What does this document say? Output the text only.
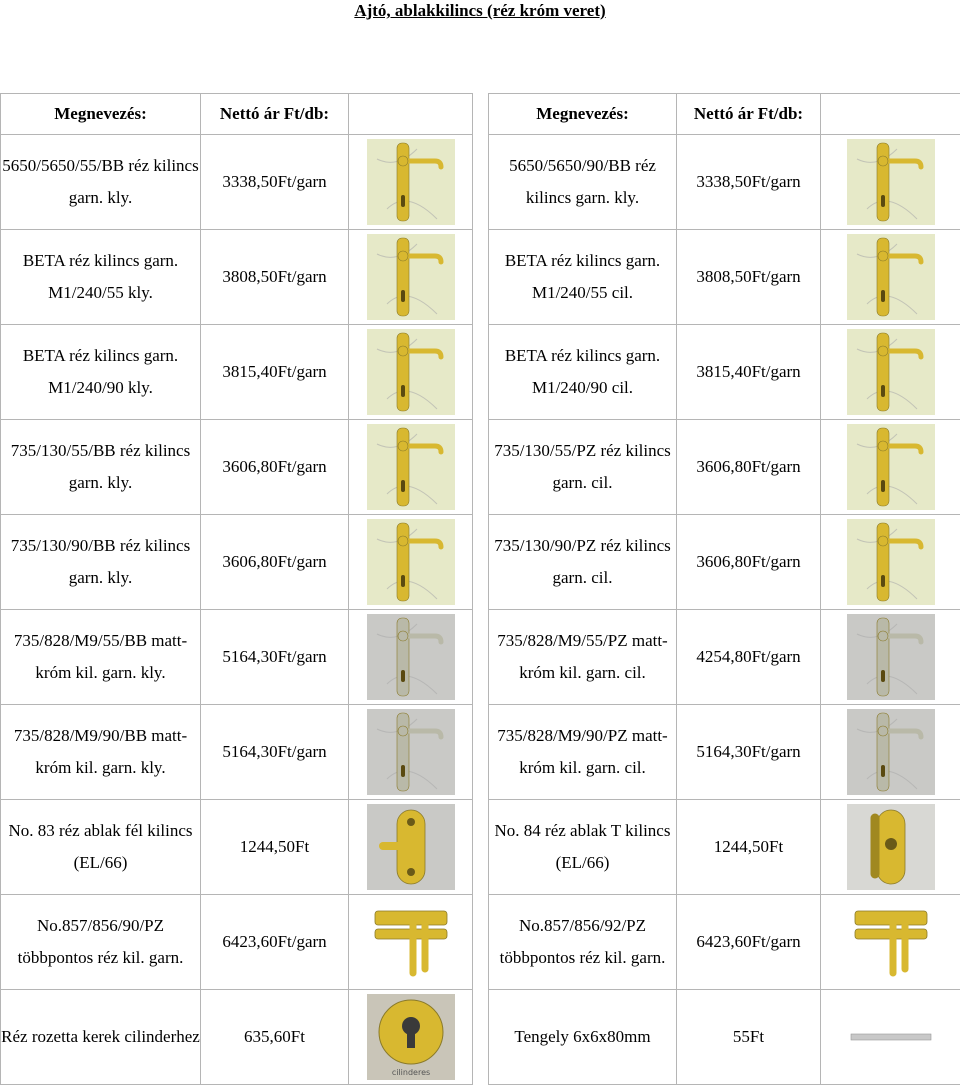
Ajtó, ablakkilincs (réz króm veret)
Megnevezés:	Nettó ár Ft/db:	
5650/5650/55/BB réz kilincs garn. kly.	3338,50Ft/garn	

BETA réz kilincs garn. M1/240/55 kly.	3808,50Ft/garn	

BETA réz kilincs garn. M1/240/90 kly.	3815,40Ft/garn	

735/130/55/BB réz kilincs garn. kly.	3606,80Ft/garn	

735/130/90/BB réz kilincs garn. kly.	3606,80Ft/garn	

735/828/M9/55/BB matt-króm kil. garn. kly.	5164,30Ft/garn	

735/828/M9/90/BB matt-króm kil. garn. kly.	5164,30Ft/garn	

No. 83 réz ablak fél kilincs (EL/66)	1244,50Ft	

No.857/856/90/PZ többpontos réz kil. garn.	6423,60Ft/garn	

Réz rozetta kerek cilinderhez	635,60Ft	cilinderes
Megnevezés:	Nettó ár Ft/db:	
5650/5650/90/BB réz kilincs garn. kly.	3338,50Ft/garn	

BETA réz kilincs garn. M1/240/55 cil.	3808,50Ft/garn	

BETA réz kilincs garn. M1/240/90 cil.	3815,40Ft/garn	

735/130/55/PZ réz kilincs garn. cil.	3606,80Ft/garn	

735/130/90/PZ réz kilincs garn. cil.	3606,80Ft/garn	

735/828/M9/55/PZ matt-króm kil. garn. cil.	4254,80Ft/garn	

735/828/M9/90/PZ matt-króm kil. garn. cil.	5164,30Ft/garn	

No. 84 réz ablak T kilincs (EL/66)	1244,50Ft	

No.857/856/92/PZ többpontos réz kil. garn.	6423,60Ft/garn	

Tengely 6x6x80mm	55Ft	
